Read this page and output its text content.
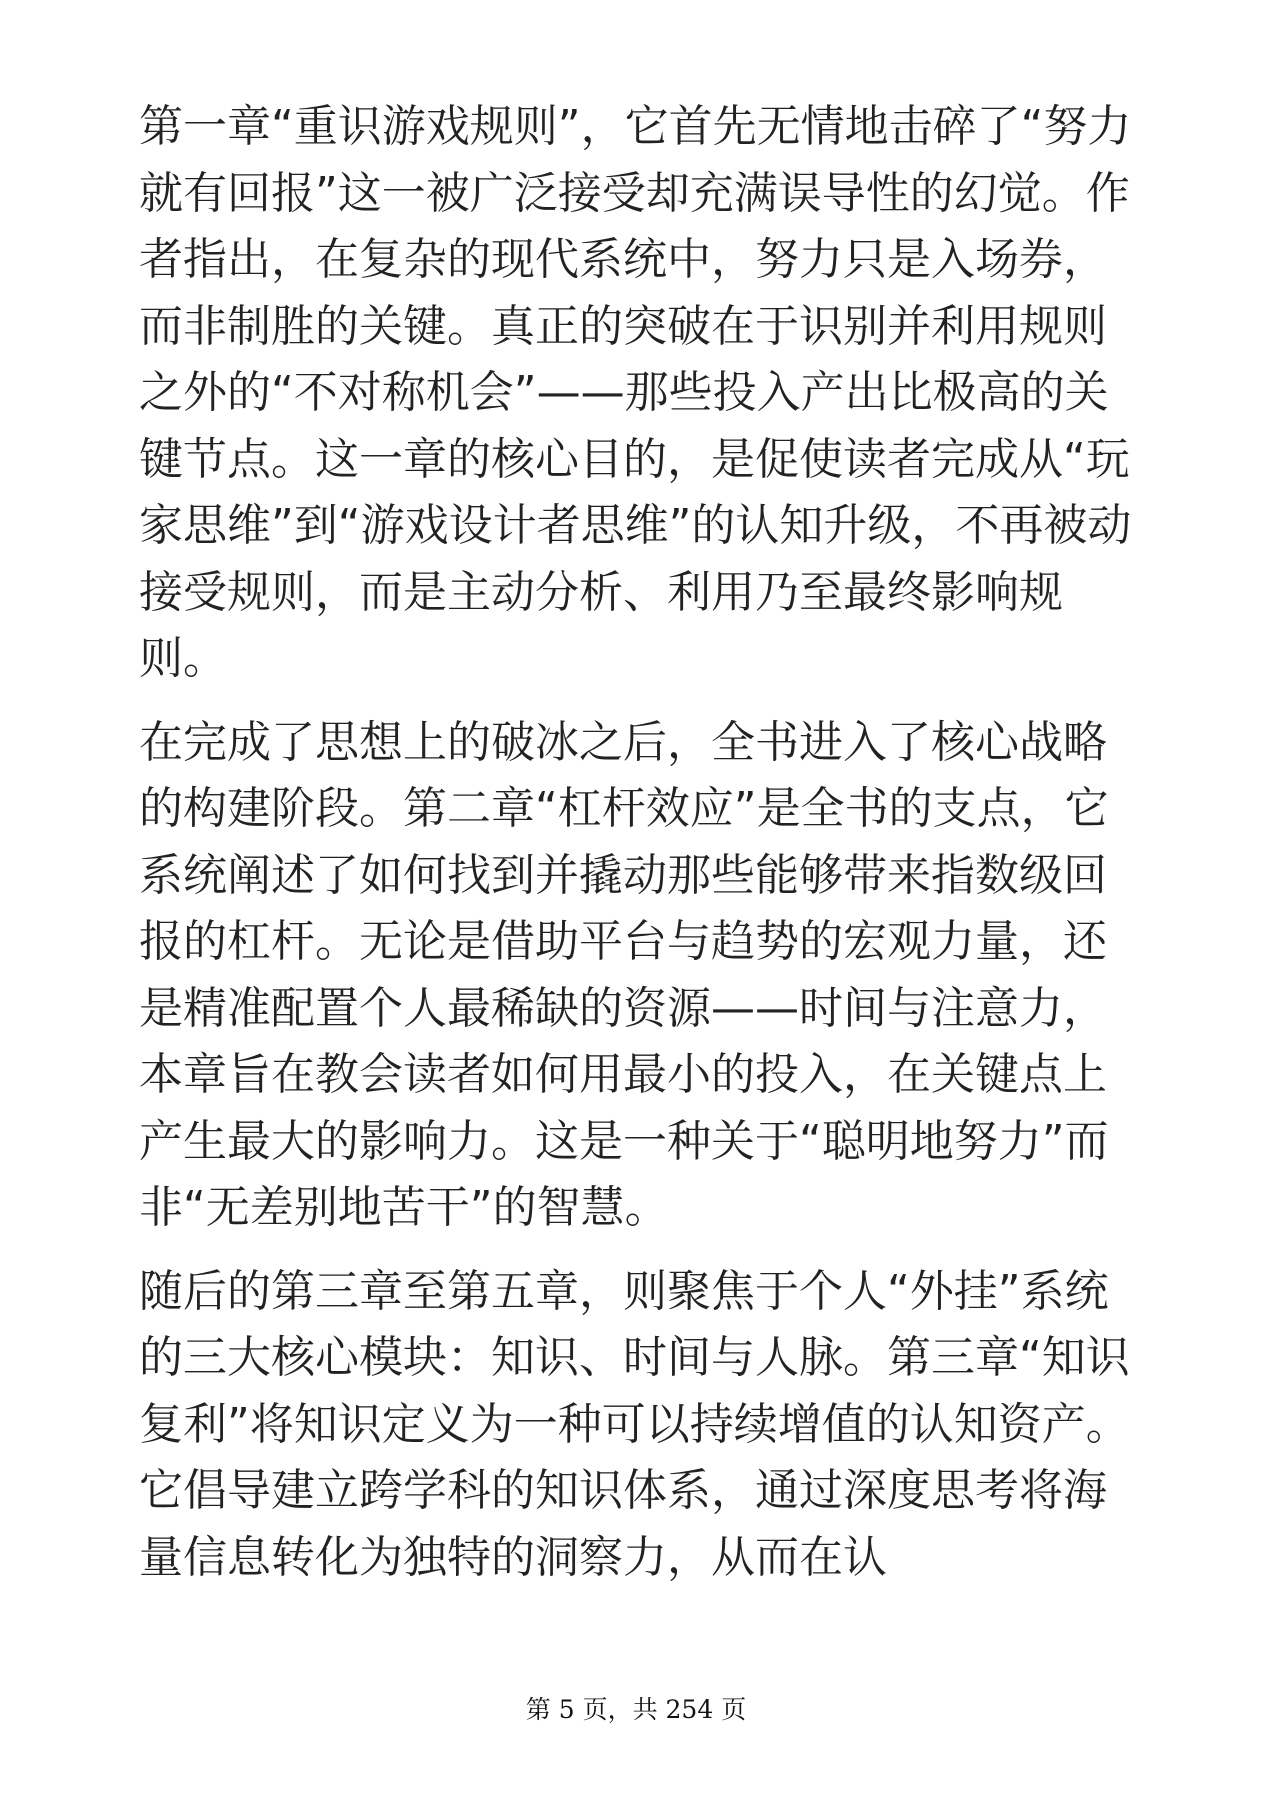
第一章“重识游戏规则”，它首先无情地击碎了“努力就有回报”这一被广泛接受却充满误导性的幻觉。作者指出，在复杂的现代系统中，努力只是入场券，而非制胜的关键。真正的突破在于识别并利用规则之外的“不对称机会”——那些投入产出比极高的关键节点。这一章的核心目的，是促使读者完成从“玩家思维”到“游戏设计者思维”的认知升级，不再被动接受规则，而是主动分析、利用乃至最终影响规则。

在完成了思想上的破冰之后，全书进入了核心战略的构建阶段。第二章“杠杆效应”是全书的支点，它系统阐述了如何找到并撬动那些能够带来指数级回报的杠杆。无论是借助平台与趋势的宏观力量，还是精准配置个人最稀缺的资源——时间与注意力，本章旨在教会读者如何用最小的投入，在关键点上产生最大的影响力。这是一种关于“聪明地努力”而非“无差别地苦干”的智慧。

随后的第三章至第五章，则聚焦于个人“外挂”系统的三大核心模块：知识、时间与人脉。第三章“知识复利”将知识定义为一种可以持续增值的认知资产。它倡导建立跨学科的知识体系，通过深度思考将海量信息转化为独特的洞察力，从而在认

第 5 页，共 254 页
